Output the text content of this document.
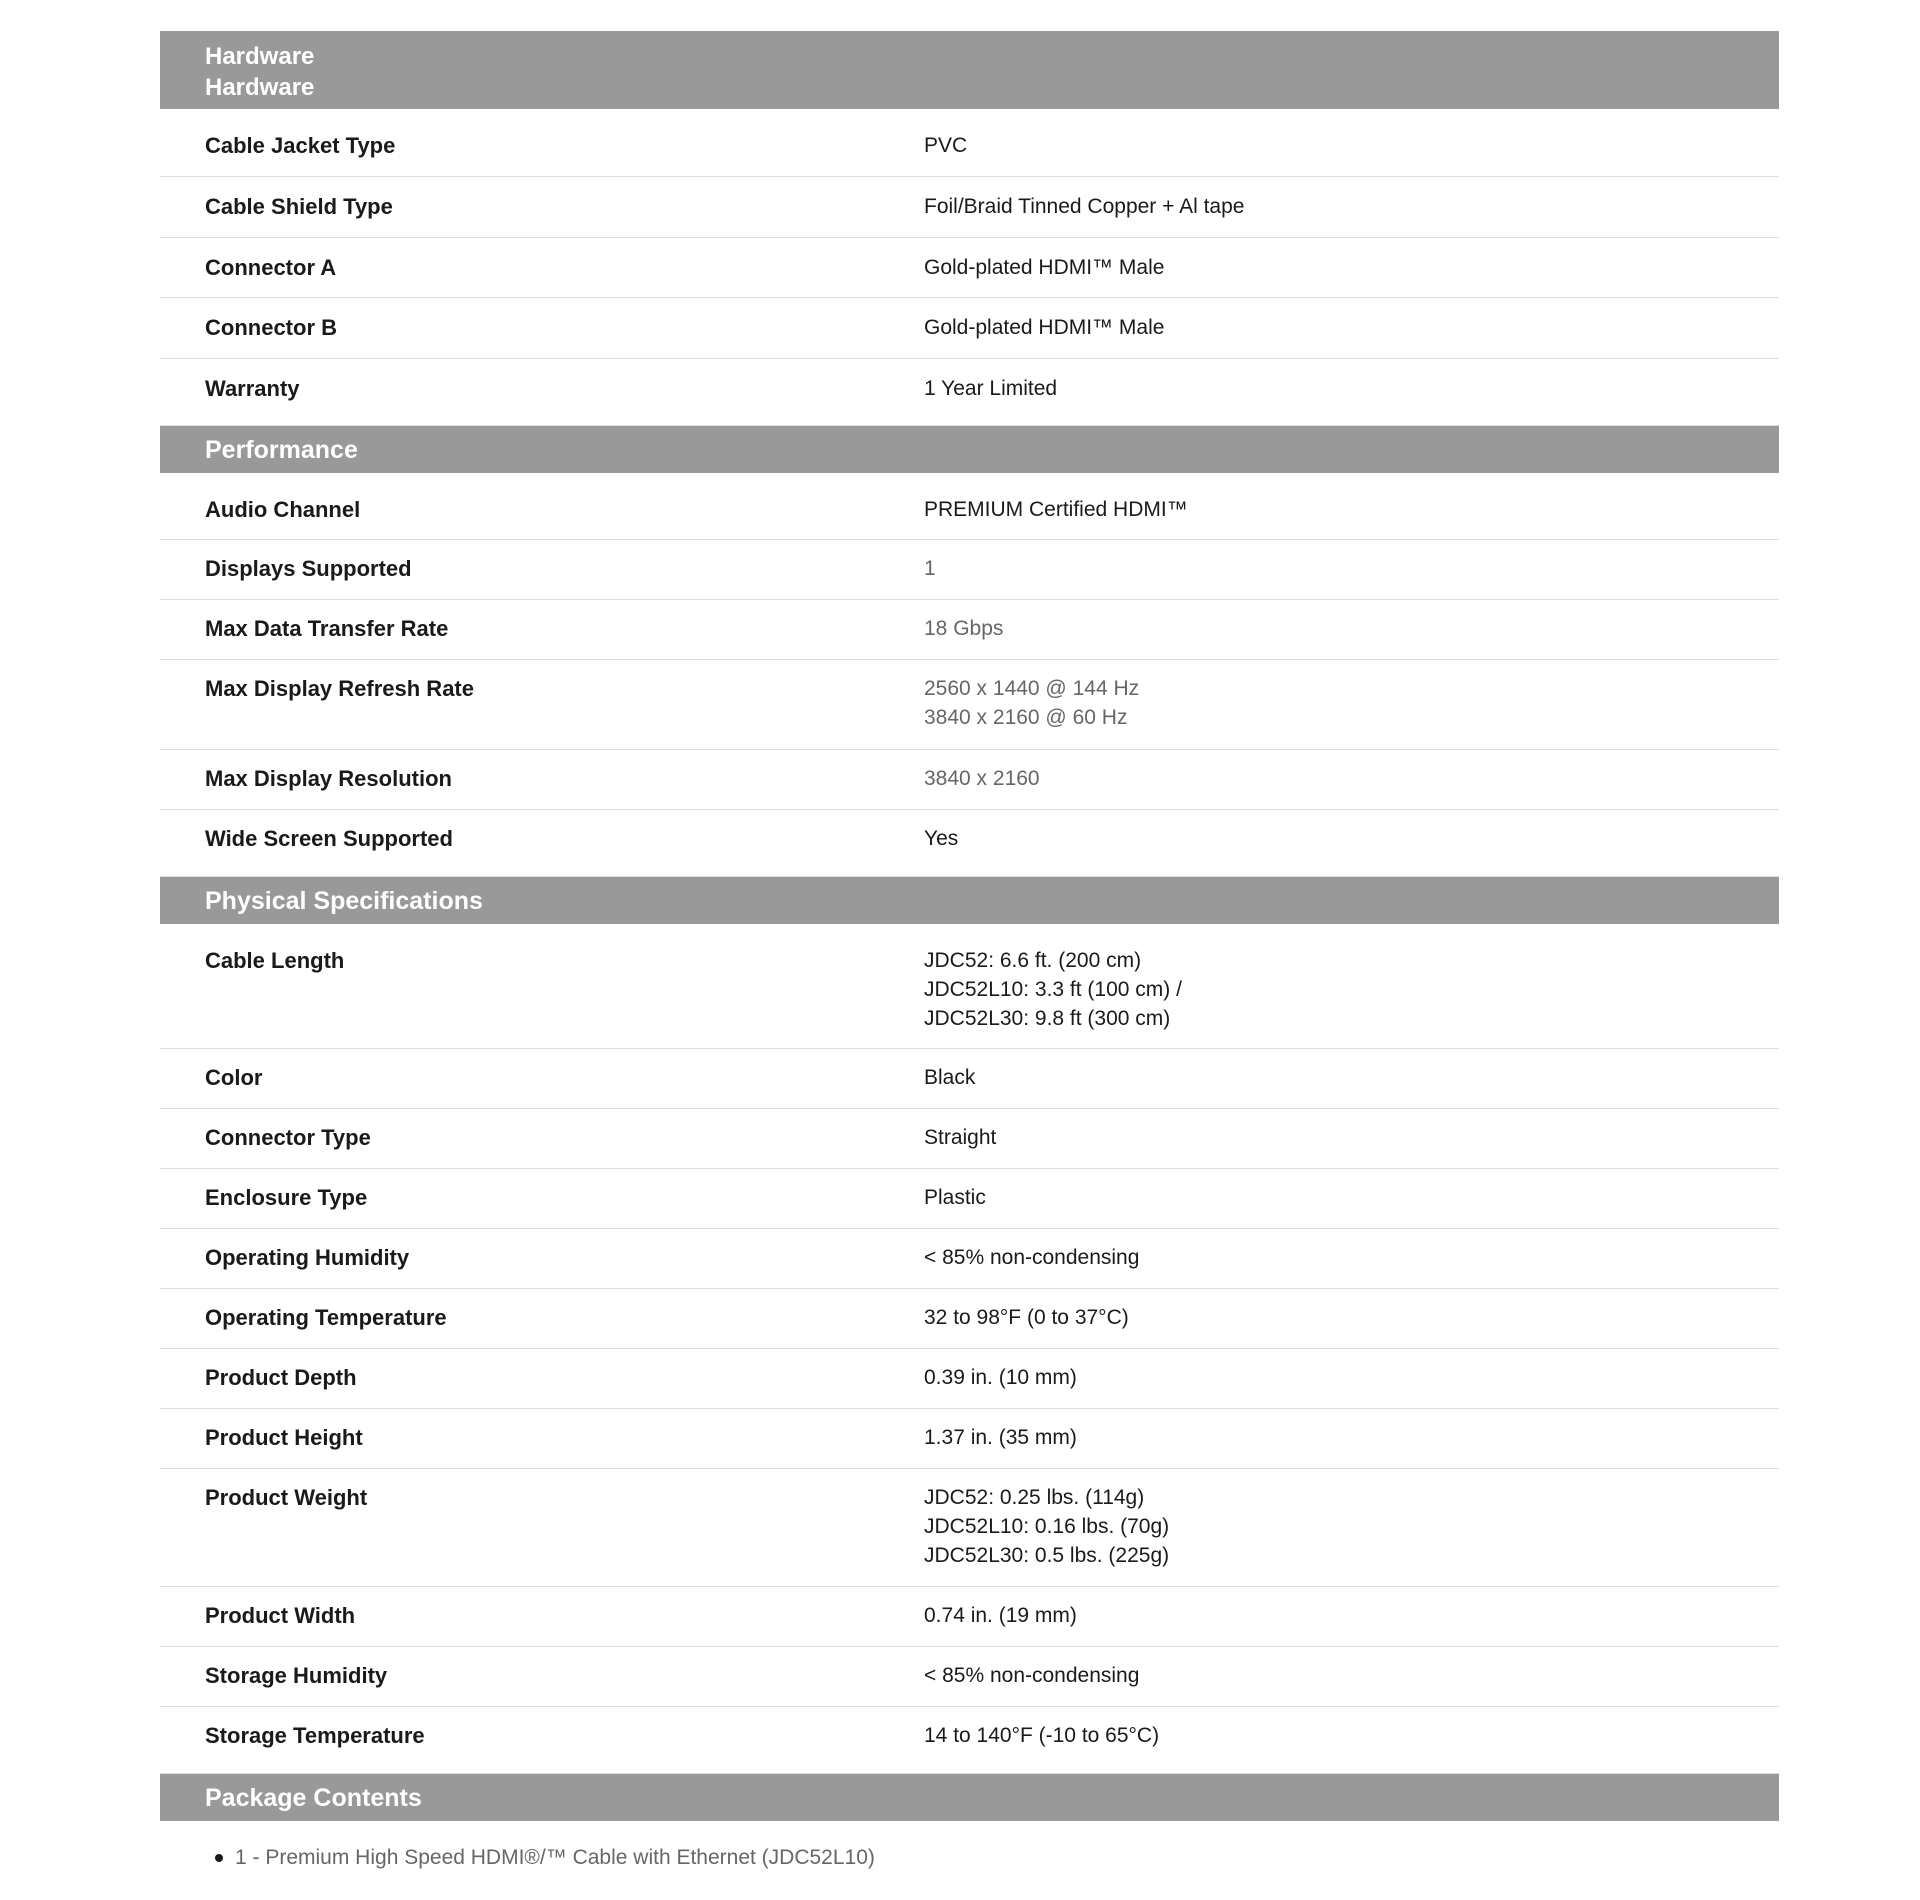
Hardware
Hardware
Cable Jacket Type	PVC
Cable Shield Type	Foil/Braid Tinned Copper + Al tape
Connector A	Gold-plated HDMI™ Male
Connector B	Gold-plated HDMI™ Male
Warranty	1 Year Limited
Performance
Audio Channel	PREMIUM Certified HDMI™
Displays Supported	1
Max Data Transfer Rate	18 Gbps
Max Display Refresh Rate	2560 x 1440 @ 144 Hz
3840 x 2160 @ 60 Hz
Max Display Resolution	3840 x 2160
Wide Screen Supported	Yes
Physical Specifications
Cable Length	JDC52: 6.6 ft. (200 cm)
JDC52L10: 3.3 ft (100 cm) /
JDC52L30: 9.8 ft (300 cm)
Color	Black
Connector Type	Straight
Enclosure Type	Plastic
Operating Humidity	< 85% non-condensing
Operating Temperature	32 to 98°F (0 to 37°C)
Product Depth	0.39 in. (10 mm)
Product Height	1.37 in. (35 mm)
Product Weight	JDC52: 0.25 lbs. (114g)
JDC52L10: 0.16 lbs. (70g)
JDC52L30: 0.5 lbs. (225g)
Product Width	0.74 in. (19 mm)
Storage Humidity	< 85% non-condensing
Storage Temperature	14 to 140°F (-10 to 65°C)
Package Contents
1 - Premium High Speed HDMI®/™ Cable with Ethernet (JDC52L10)
